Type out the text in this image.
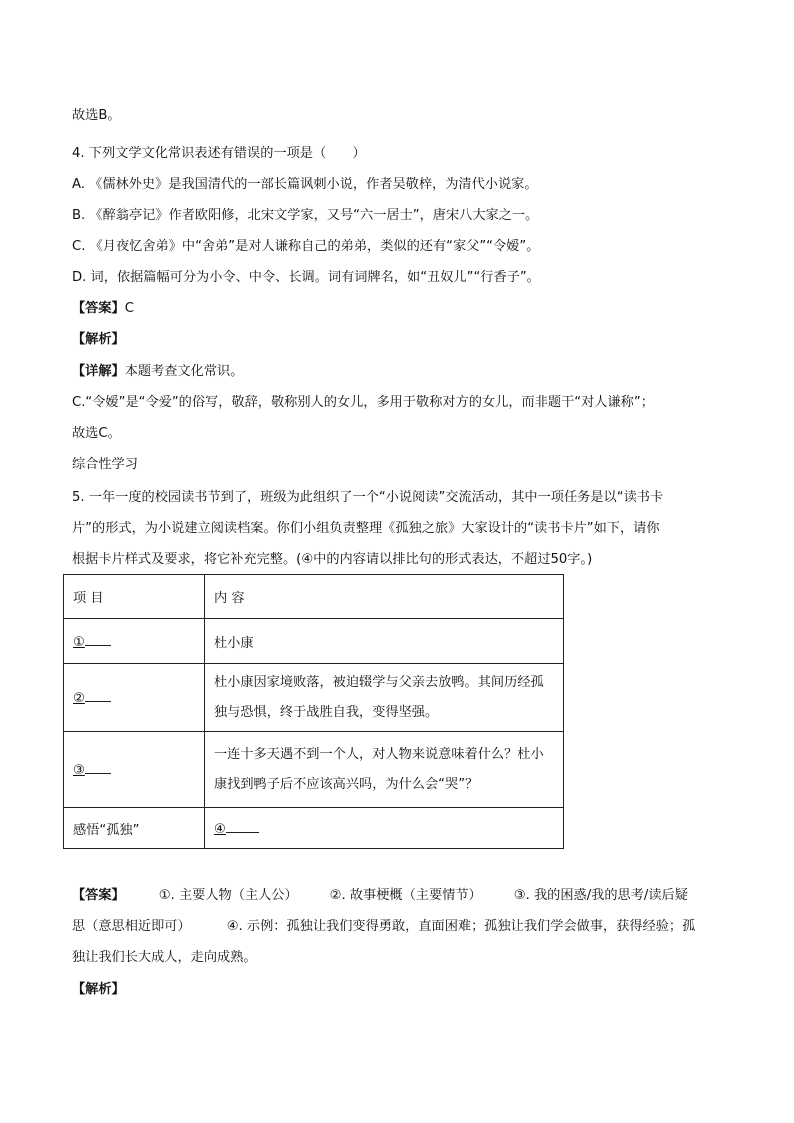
故选B。
4. 下列文学文化常识表述有错误的一项是（　　）
A. 《儒林外史》是我国清代的一部长篇讽刺小说，作者吴敬梓，为清代小说家。
B. 《醉翁亭记》作者欧阳修，北宋文学家，又号“六一居士”，唐宋八大家之一。
C. 《月夜忆舍弟》中“舍弟”是对人谦称自己的弟弟，类似的还有“家父”“令嫒”。
D. 词，依据篇幅可分为小令、中令、长调。词有词牌名，如“丑奴儿”“行香子”。
【答案】C
【解析】
【详解】本题考查文化常识。
C.“令嫒”是“令爱”的俗写，敬辞，敬称别人的女儿，多用于敬称对方的女儿，而非题干“对人谦称”；
故选C。
综合性学习
5. 一年一度的校园读书节到了，班级为此组织了一个“小说阅读”交流活动，其中一项任务是以“读书卡
片”的形式，为小说建立阅读档案。你们小组负责整理《孤独之旅》大家设计的“读书卡片”如下，请你
根据卡片样式及要求，将它补充完整。(④中的内容请以排比句的形式表达，不超过50字。)
项 目	内 容
①	杜小康
②	杜小康因家境败落，被迫辍学与父亲去放鸭。其间历经孤
独与恐惧，终于战胜自我，变得坚强。

③	一连十多天遇不到一个人，对人物来说意味着什么？杜小
康找到鸭子后不应该高兴吗，为什么会“哭”？

感悟“孤独”	④
【答案】	①. 主要人物（主人公） ②. 故事梗概（主要情节） ③. 我的困惑/我的思考/读后疑
思（意思相近即可）	④. 示例：孤独让我们变得勇敢，直面困难；孤独让我们学会做事，获得经验；孤
独让我们长大成人，走向成熟。
【解析】
